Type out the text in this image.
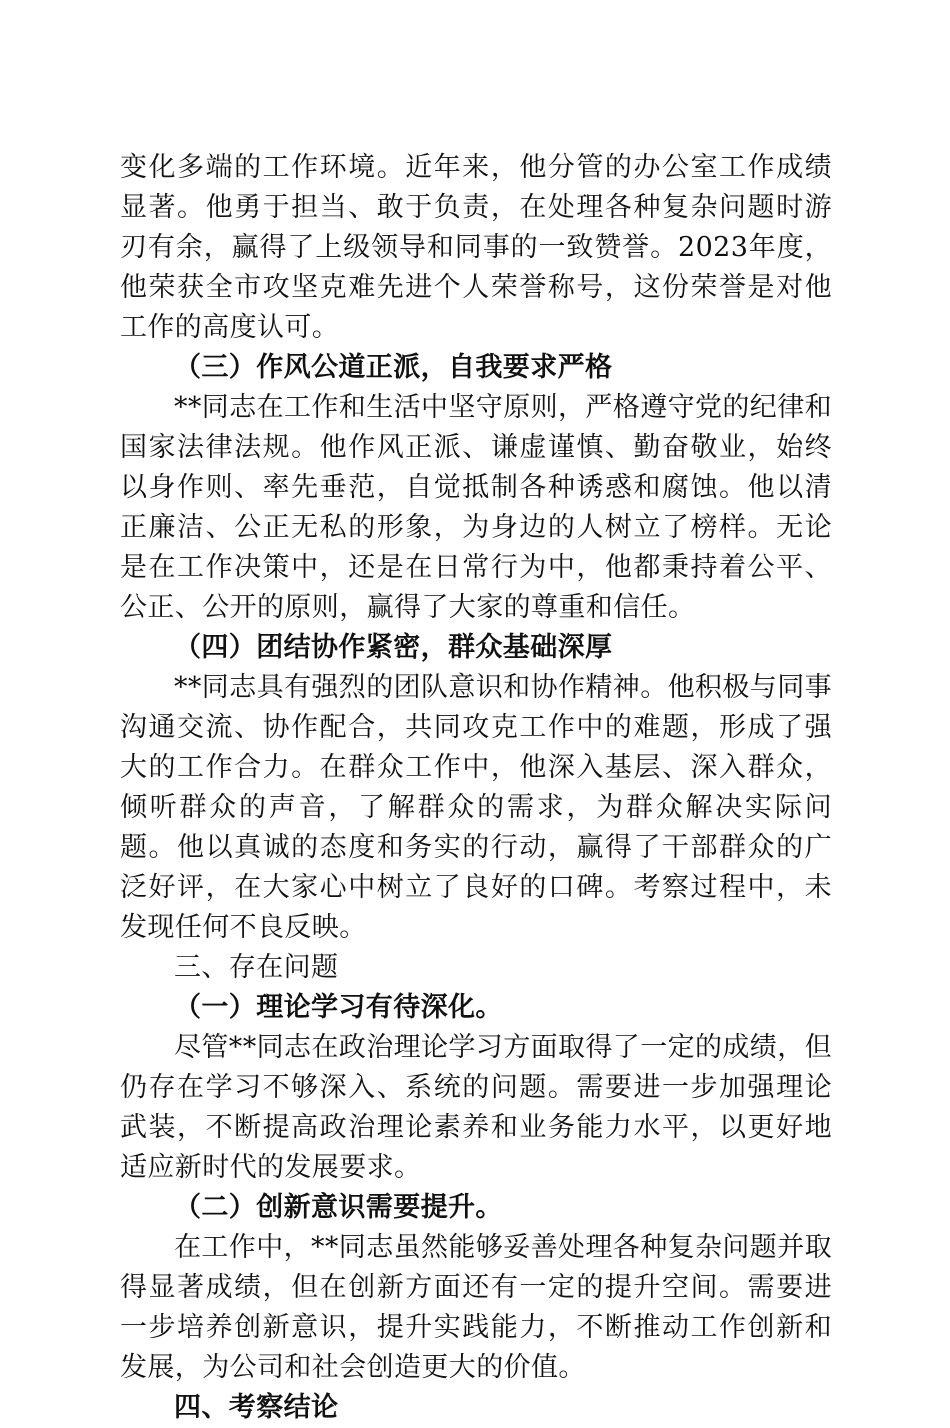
变化多端的工作环境。近年来，他分管的办公室工作成绩显著。他勇于担当、敢于负责，在处理各种复杂问题时游刃有余，赢得了上级领导和同事的一致赞誉。2023年度，他荣获全市攻坚克难先进个人荣誉称号，这份荣誉是对他工作的高度认可。

（三）作风公道正派，自我要求严格

**同志在工作和生活中坚守原则，严格遵守党的纪律和国家法律法规。他作风正派、谦虚谨慎、勤奋敬业，始终以身作则、率先垂范，自觉抵制各种诱惑和腐蚀。他以清正廉洁、公正无私的形象，为身边的人树立了榜样。无论是在工作决策中，还是在日常行为中，他都秉持着公平、公正、公开的原则，赢得了大家的尊重和信任。

（四）团结协作紧密，群众基础深厚

**同志具有强烈的团队意识和协作精神。他积极与同事沟通交流、协作配合，共同攻克工作中的难题，形成了强大的工作合力。在群众工作中，他深入基层、深入群众，倾听群众的声音，了解群众的需求，为群众解决实际问题。他以真诚的态度和务实的行动，赢得了干部群众的广泛好评，在大家心中树立了良好的口碑。考察过程中，未发现任何不良反映。

三、存在问题

（一）理论学习有待深化。

尽管**同志在政治理论学习方面取得了一定的成绩，但仍存在学习不够深入、系统的问题。需要进一步加强理论武装，不断提高政治理论素养和业务能力水平，以更好地适应新时代的发展要求。

（二）创新意识需要提升。

在工作中，**同志虽然能够妥善处理各种复杂问题并取得显著成绩，但在创新方面还有一定的提升空间。需要进一步培养创新意识，提升实践能力，不断推动工作创新和发展，为公司和社会创造更大的价值。

四、考察结论
